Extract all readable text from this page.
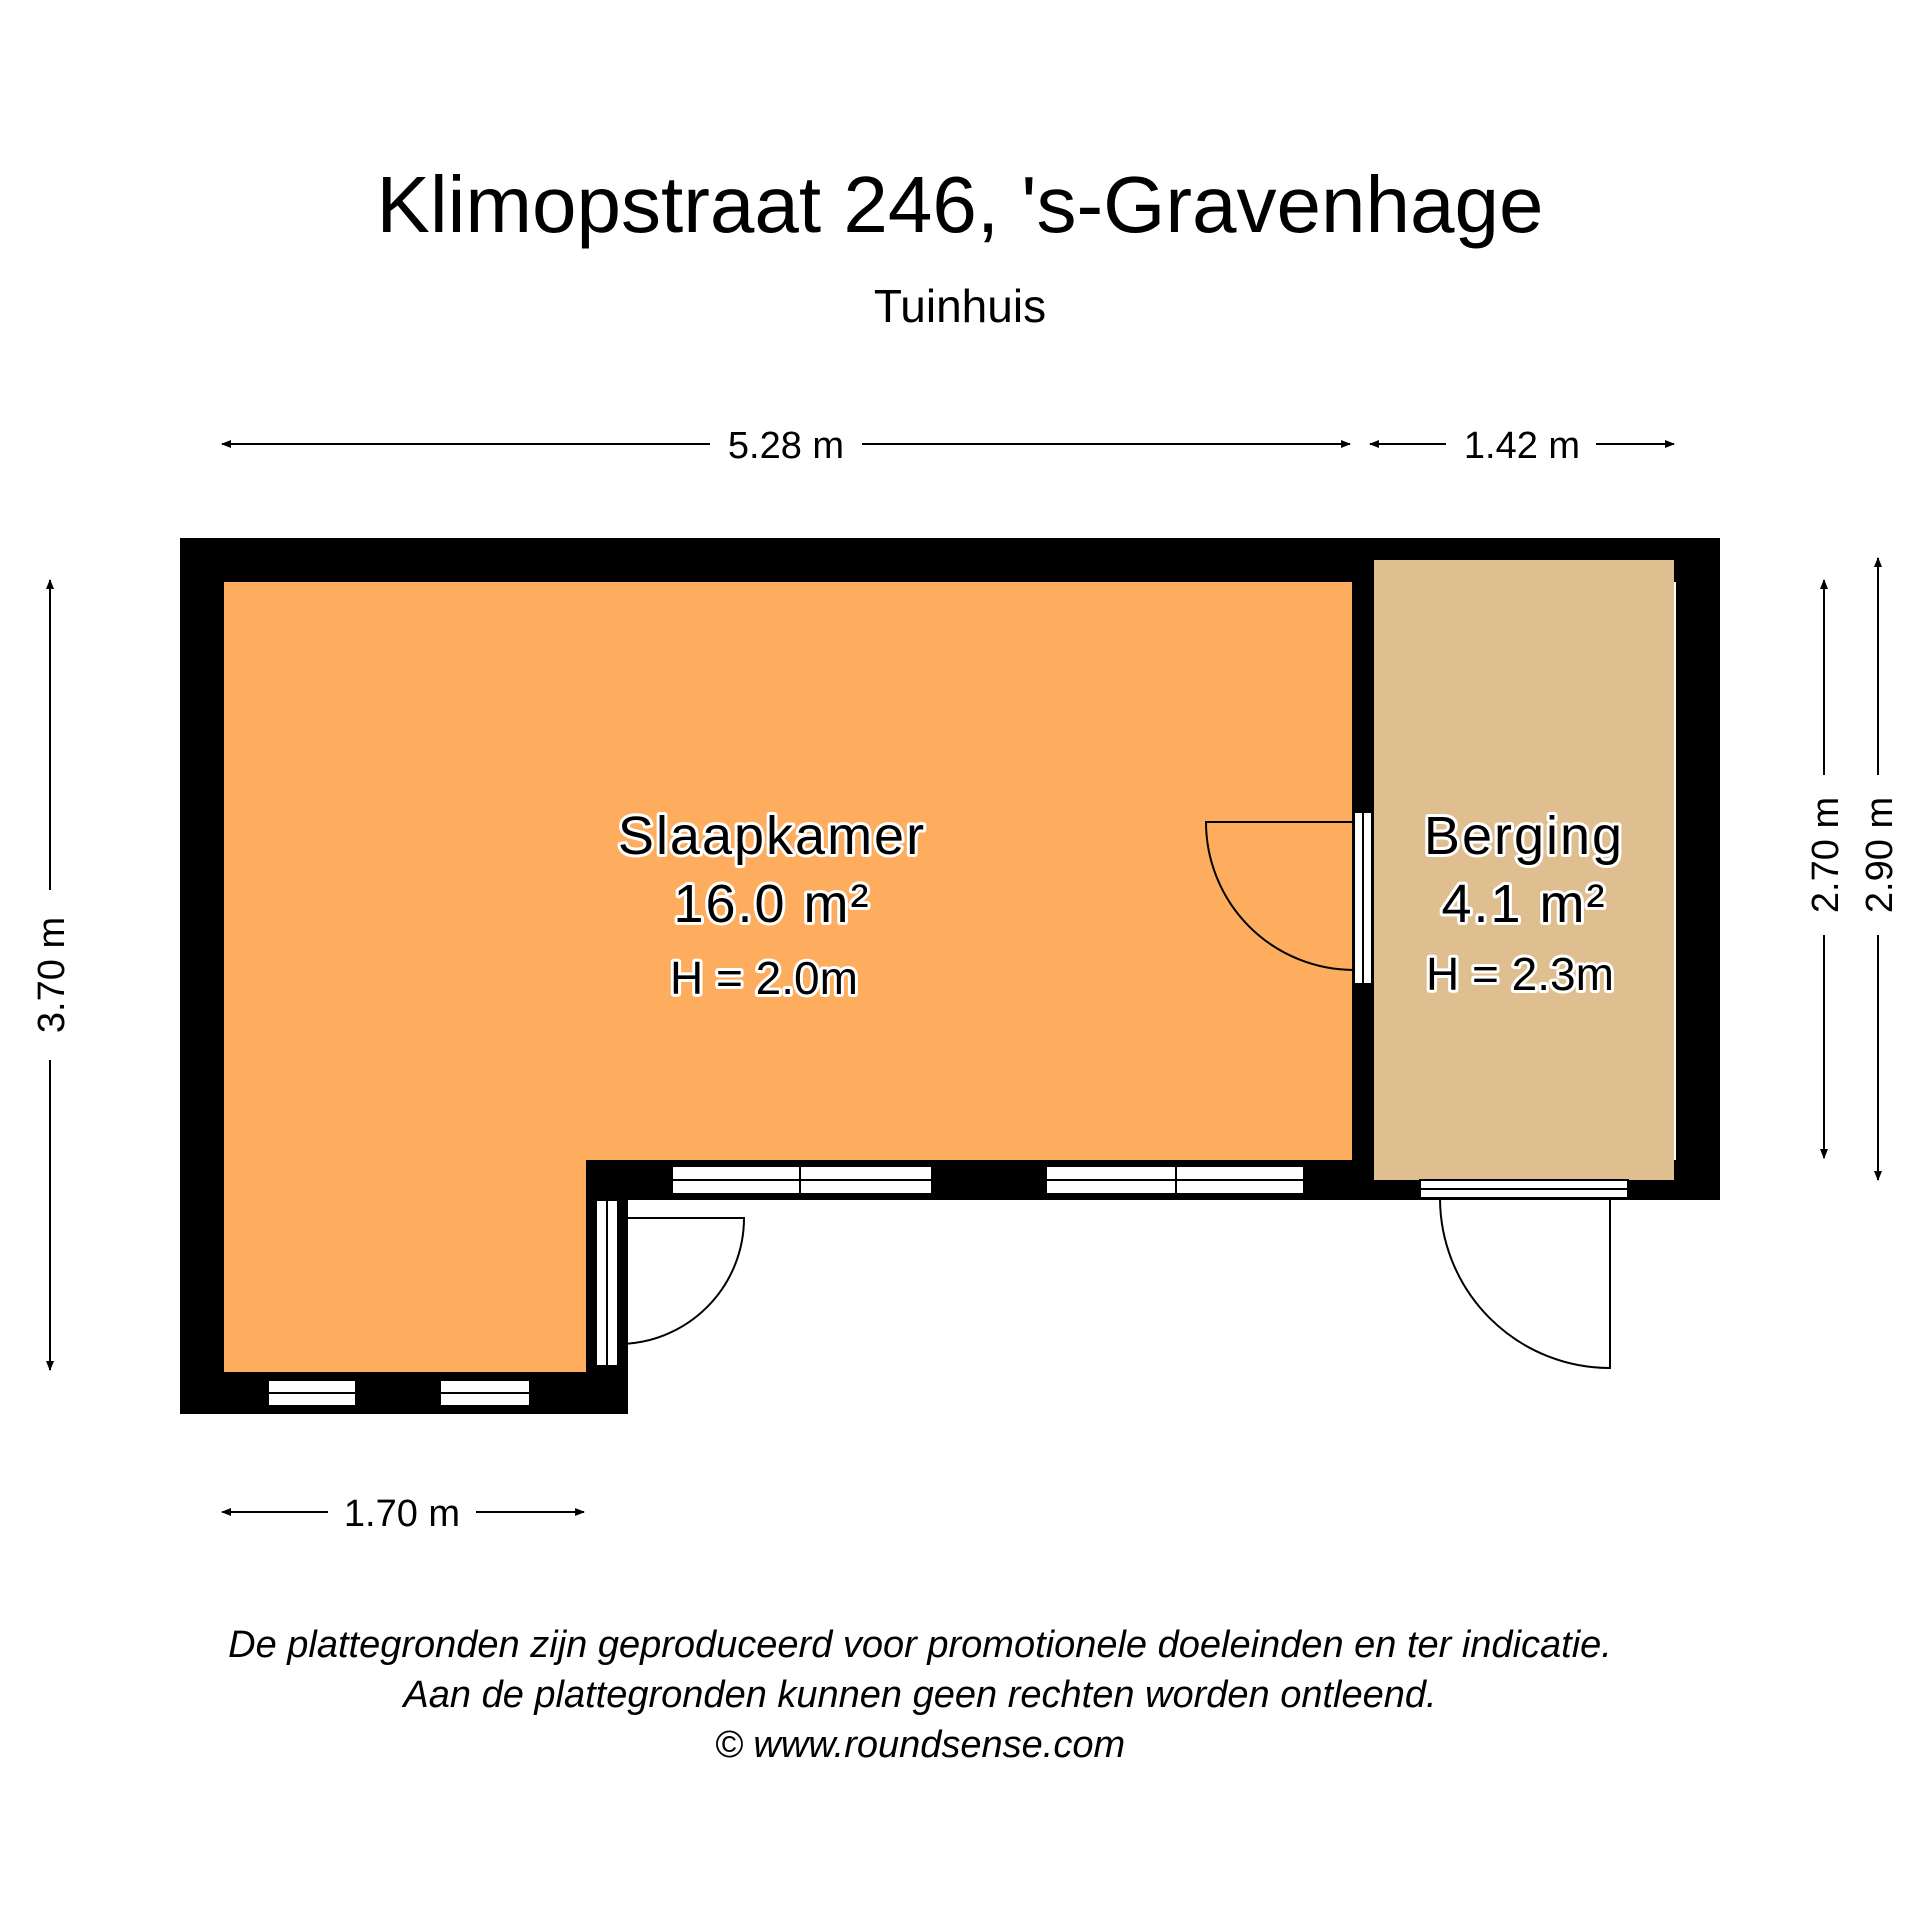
Klimopstraat 246, 's-Gravenhage
Tuinhuis
5.28 m	1.42 m
3.70 m
2.70 m 2.90 m
1.70 m
Slaapkamer
16.0 m²
H = 2.0m
Berging
4.1 m²
H = 2.3m
De plattegronden zijn geproduceerd voor promotionele doeleinden en ter indicatie.
Aan de plattegronden kunnen geen rechten worden ontleend.
© www.roundsense.com
